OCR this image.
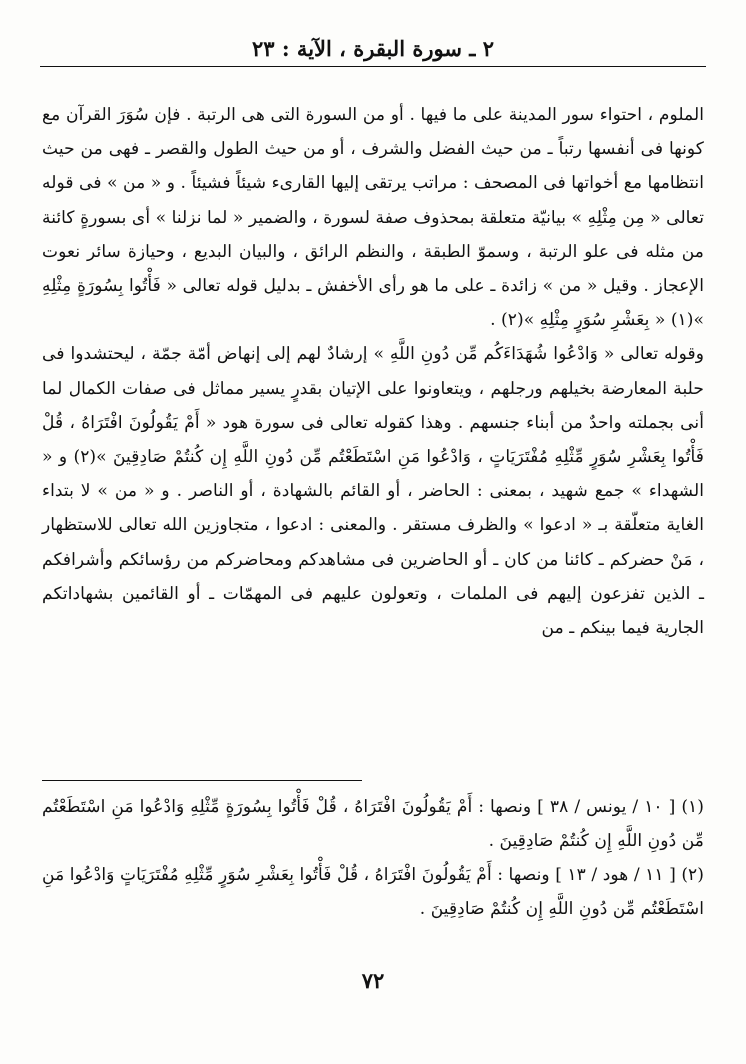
٢ ـ سورة البقرة ، الآية : ٢٣

الملوم ، احتواء سور المدينة على ما فيها . أو من السورة التى هى الرتبة . فإن سُوَرَ القرآن مع كونها فى أنفسها رتباً ـ من حيث الفضل والشرف ، أو من حيث الطول والقصر ـ فهى من حيث انتظامها مع أخواتها فى المصحف : مراتب يرتقى إليها القارىء شيئاً فشيئاً . و « من » فى قوله تعالى « مِن مِثْلِهِ » بيانيّة متعلقة بمحذوف صفة لسورة ، والضمير « لما نزلنا » أى بسورةٍ كائنة من مثله فى علو الرتبة ، وسموّ الطبقة ، والنظم الرائق ، والبيان البديع ، وحيازة سائر نعوت الإعجاز . وقيل « من » زائدة ـ على ما هو رأى الأخفش ـ بدليل قوله تعالى « فَأْتُوا بِسُورَةٍ مِثْلِهِ »(١) « بِعَشْرِ سُوَرٍ مِثْلِهِ »(٢) .

وقوله تعالى « وَادْعُوا شُهَدَاءَكُم مِّن دُونِ اللَّهِ » إرشادٌ لهم إلى إنهاض أمّة جمّة ، ليحتشدوا فى حلبة المعارضة بخيلهم ورجلهم ، ويتعاونوا على الإتيان بقدرٍ يسير مماثل فى صفات الكمال لما أنى بجملته واحدٌ من أبناء جنسهم . وهذا كقوله تعالى فى سورة هود « أَمْ يَقُولُونَ افْتَرَاهُ ، قُلْ فَأْتُوا بِعَشْرِ سُوَرٍ مِّثْلِهِ مُفْتَرَيَاتٍ ، وَادْعُوا مَنِ اسْتَطَعْتُم مِّن دُونِ اللَّهِ إِن كُنتُمْ صَادِقِينَ »(٢) و « الشهداء » جمع شهيد ، بمعنى : الحاضر ، أو القائم بالشهادة ، أو الناصر . و « من » لا بتداء الغاية متعلّقة بـ « ادعوا » والظرف مستقر . والمعنى : ادعوا ، متجاوزين الله تعالى للاستظهار ، مَنْ حضركم ـ كائنا من كان ـ أو الحاضرين فى مشاهدكم ومحاضركم من رؤسائكم وأشرافكم ـ الذين تفزعون إليهم فى الملمات ، وتعولون عليهم فى المهمّات ـ أو القائمين بشهاداتكم الجارية فيما بينكم ـ من

(١) [ ١٠ / يونس / ٣٨ ] ونصها : أَمْ يَقُولُونَ افْتَرَاهُ ، قُلْ فَأْتُوا بِسُورَةٍ مِّثْلِهِ وَادْعُوا مَنِ اسْتَطَعْتُم مِّن دُونِ اللَّهِ إِن كُنتُمْ صَادِقِينَ .

(٢) [ ١١ / هود / ١٣ ] ونصها : أَمْ يَقُولُونَ افْتَرَاهُ ، قُلْ فَأْتُوا بِعَشْرِ سُوَرٍ مِّثْلِهِ مُفْتَرَيَاتٍ وَادْعُوا مَنِ اسْتَطَعْتُم مِّن دُونِ اللَّهِ إِن كُنتُمْ صَادِقِينَ .

٧٢
